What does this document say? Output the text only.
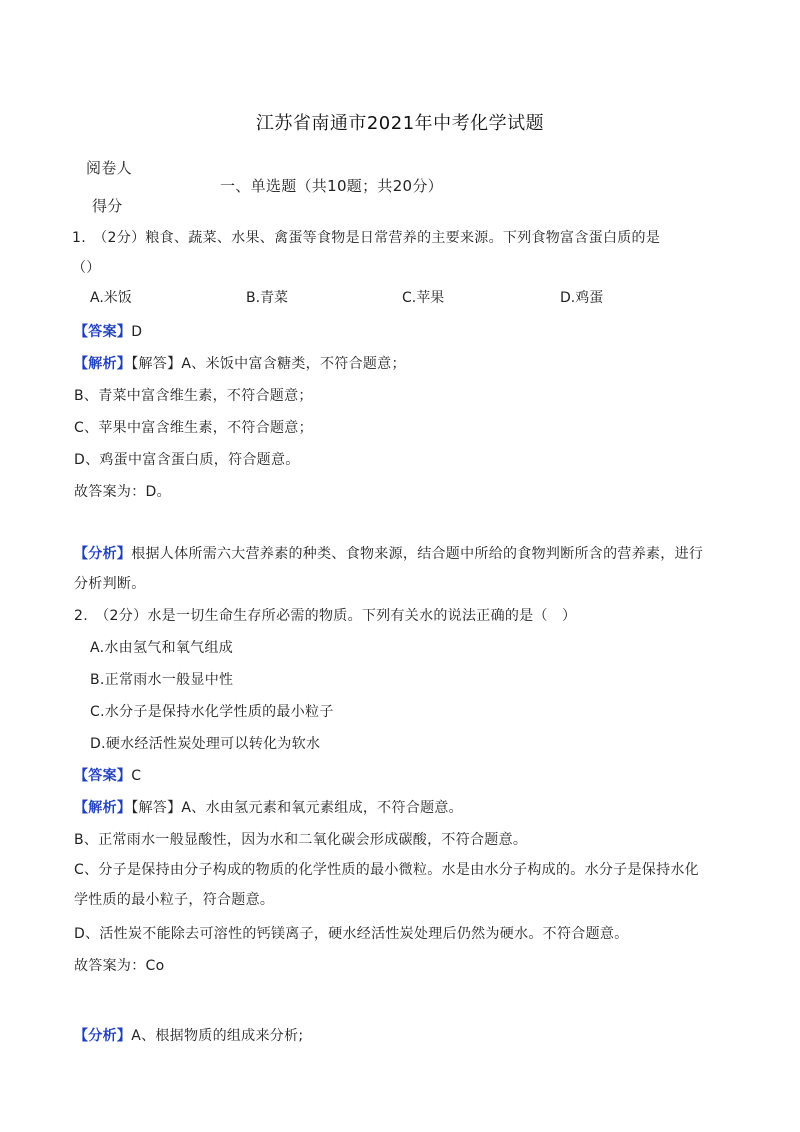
江苏省南通市2021年中考化学试题
阅卷人
一、单选题（共10题；共20分）
得分
1.　（2分）粮食、蔬菜、水果、禽蛋等食物是日常营养的主要来源。下列食物富含蛋白质的是
（）
A.米饭	B.青菜	C.苹果	D.鸡蛋
【答案】D
【解析】【解答】A、米饭中富含糖类，不符合题意；
B、青菜中富含维生素，不符合题意；
C、苹果中富含维生素，不符合题意；
D、鸡蛋中富含蛋白质，符合题意。
故答案为：D。
【分析】根据人体所需六大营养素的种类、食物来源，结合题中所给的食物判断所含的营养素，进行
分析判断。
2.　（2分）水是一切生命生存所必需的物质。下列有关水的说法正确的是（　）
A.水由氢气和氧气组成
B.正常雨水一般显中性
C.水分子是保持水化学性质的最小粒子
D.硬水经活性炭处理可以转化为软水
【答案】C
【解析】【解答】A、水由氢元素和氧元素组成，不符合题意。
B、正常雨水一般显酸性，因为水和二氧化碳会形成碳酸，不符合题意。
C、分子是保持由分子构成的物质的化学性质的最小微粒。水是由水分子构成的。水分子是保持水化
学性质的最小粒子，符合题意。
D、活性炭不能除去可溶性的钙镁离子，硬水经活性炭处理后仍然为硬水。不符合题意。
故答案为：Co
【分析】A、根据物质的组成来分析;
